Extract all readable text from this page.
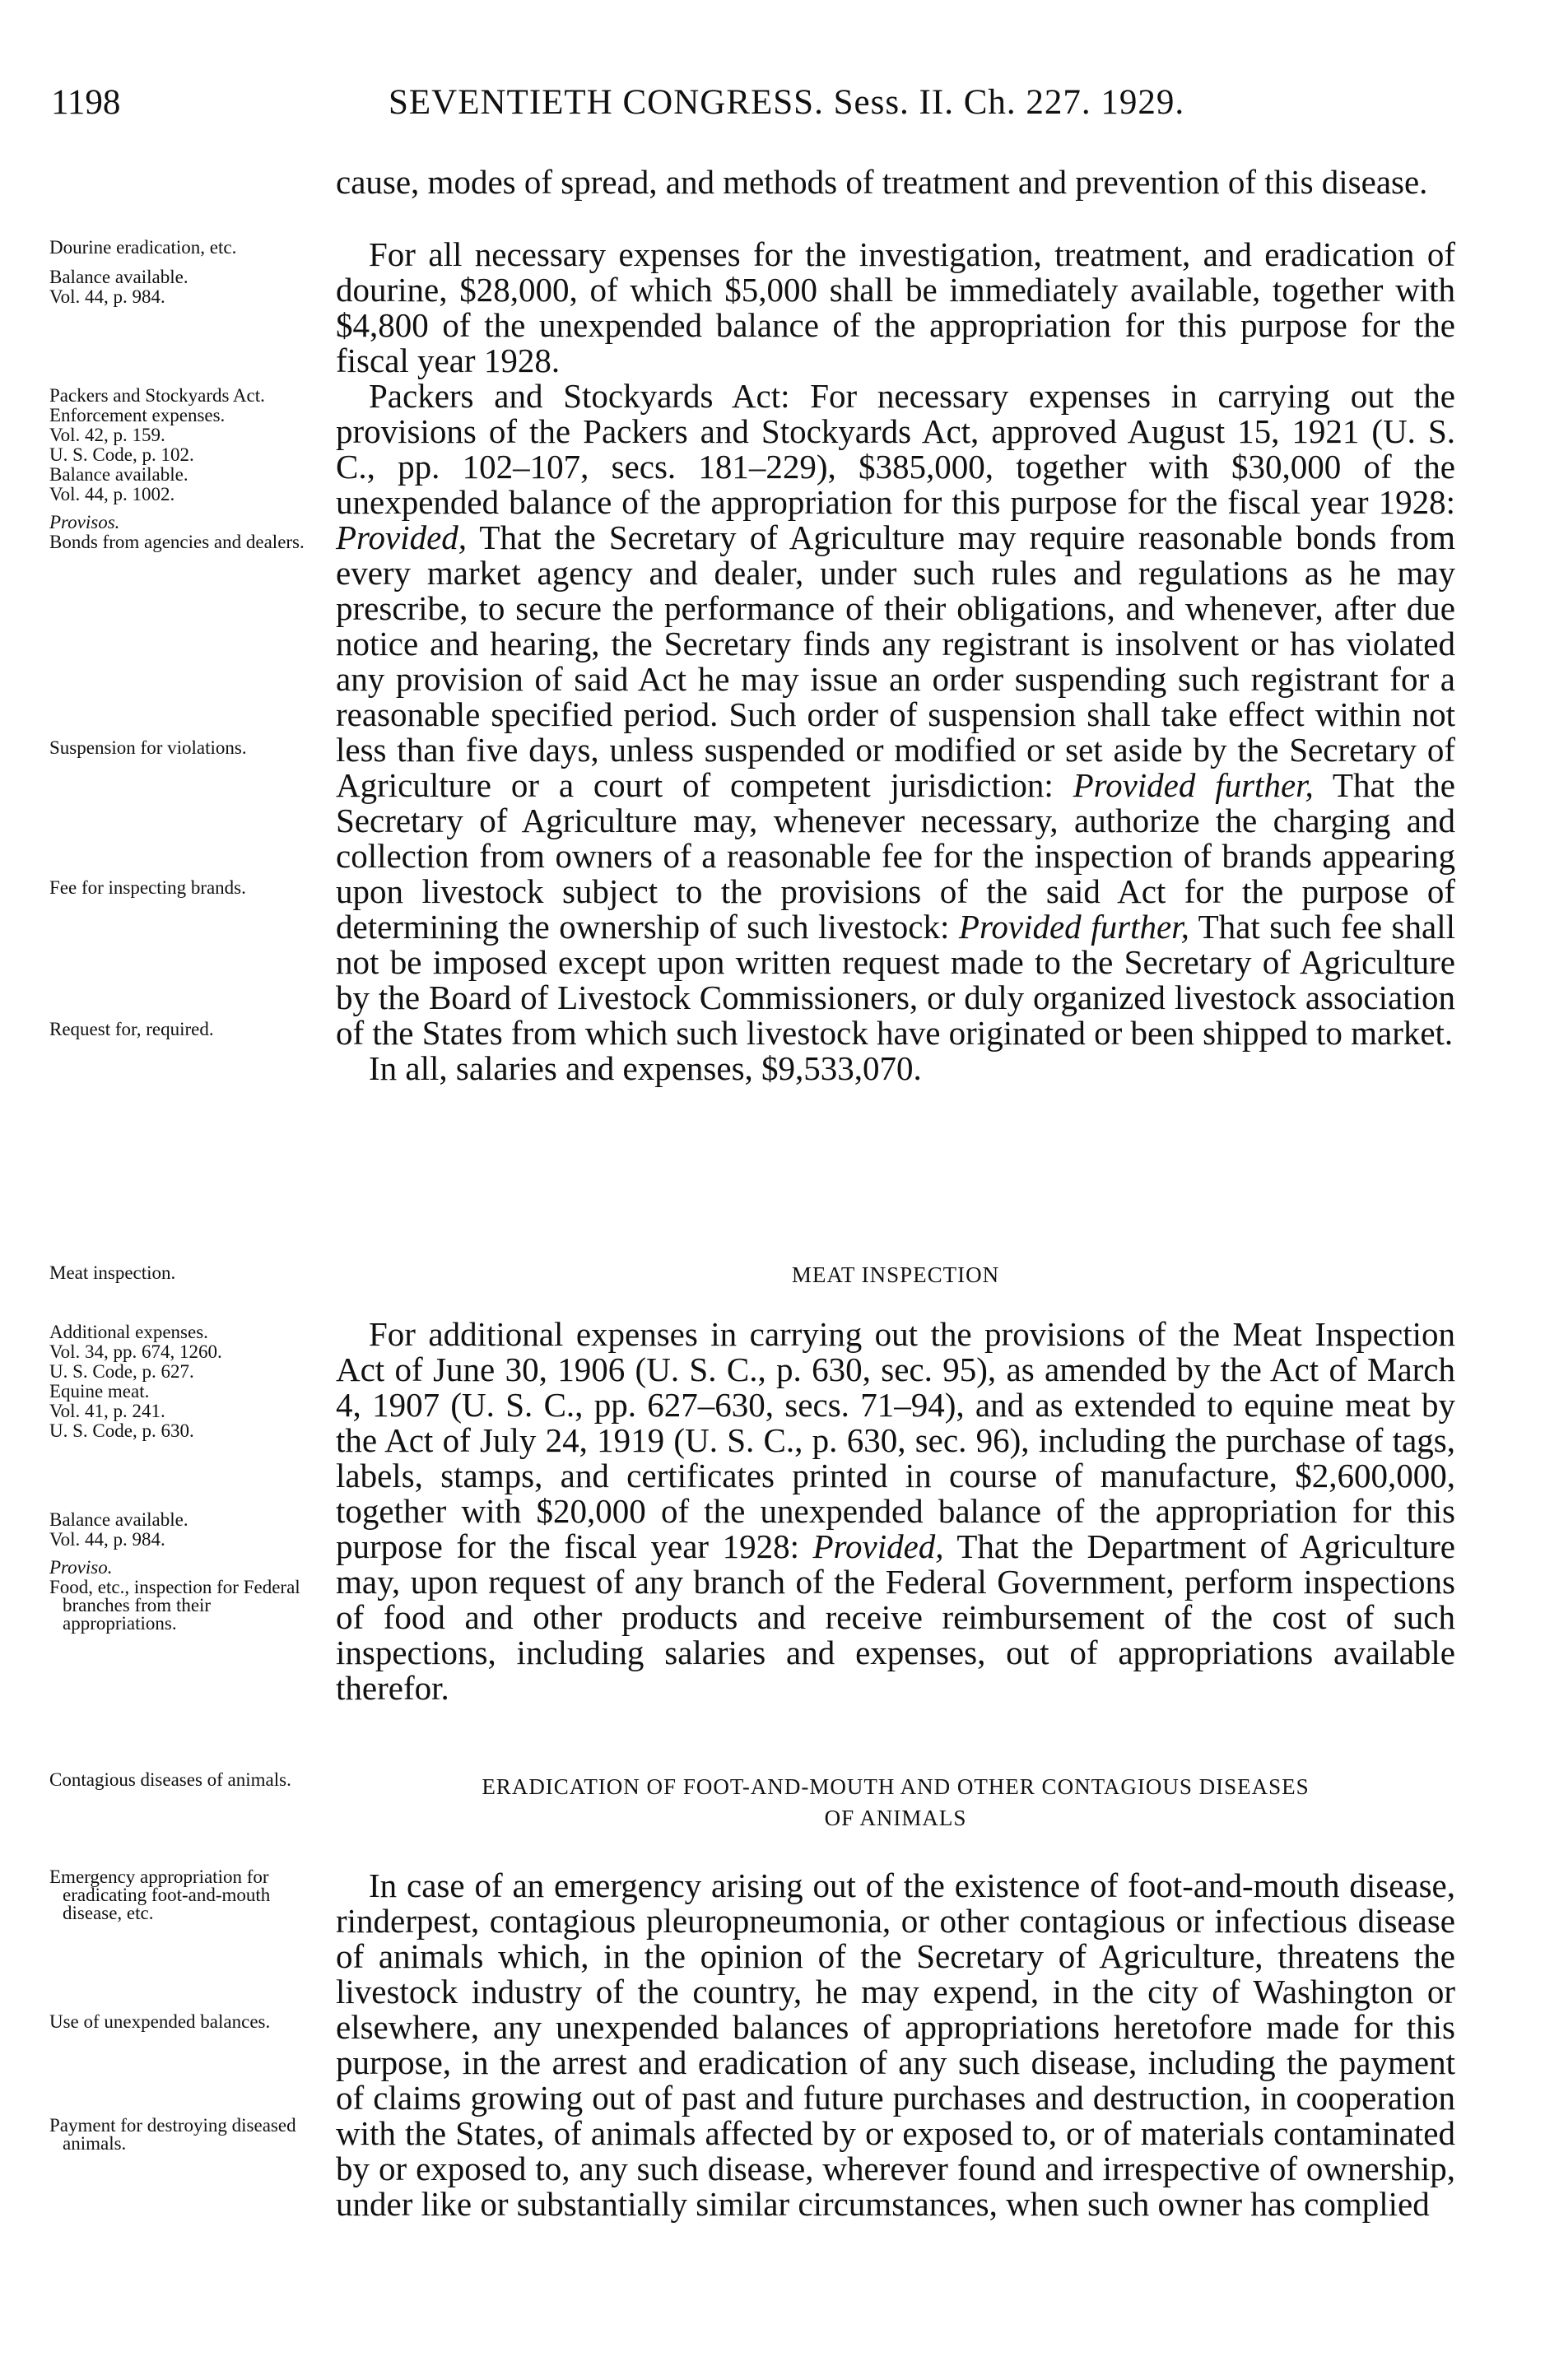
1198	SEVENTIETH CONGRESS. Sess. II. Ch. 227. 1929.

cause, modes of spread, and methods of treatment and prevention of this disease.

Dourine eradication, etc.
Balance available.
Vol. 44, p. 984.

For all necessary expenses for the investigation, treatment, and eradication of dourine, $28,000, of which $5,000 shall be immediately available, together with $4,800 of the unexpended balance of the appropriation for this purpose for the fiscal year 1928.

Packers and Stockyards Act.
Enforcement expenses.
Vol. 42, p. 159.
U. S. Code, p. 102.
Balance available.
Vol. 44, p. 1002.
Provisos.
Bonds from agencies and dealers.
Suspension for violations.
Fee for inspecting brands.
Request for, required.

Packers and Stockyards Act: For necessary expenses in carrying out the provisions of the Packers and Stockyards Act, approved August 15, 1921 (U. S. C., pp. 102–107, secs. 181–229), $385,000, together with $30,000 of the unexpended balance of the appropriation for this purpose for the fiscal year 1928: Provided, That the Secretary of Agriculture may require reasonable bonds from every market agency and dealer, under such rules and regulations as he may prescribe, to secure the performance of their obligations, and whenever, after due notice and hearing, the Secretary finds any registrant is insolvent or has violated any provision of said Act he may issue an order suspending such registrant for a reasonable specified period. Such order of suspension shall take effect within not less than five days, unless suspended or modified or set aside by the Secretary of Agriculture or a court of competent jurisdiction: Provided further, That the Secretary of Agriculture may, whenever necessary, authorize the charging and collection from owners of a reasonable fee for the inspection of brands appearing upon livestock subject to the provisions of the said Act for the purpose of determining the ownership of such livestock: Provided further, That such fee shall not be imposed except upon written request made to the Secretary of Agriculture by the Board of Livestock Commissioners, or duly organized livestock association of the States from which such livestock have originated or been shipped to market.

In all, salaries and expenses, $9,533,070.

Meat inspection.	MEAT INSPECTION
Additional expenses.
Vol. 34, pp. 674, 1260.
U. S. Code, p. 627.
Equine meat.
Vol. 41, p. 241.
U. S. Code, p. 630.
Balance available.
Vol. 44, p. 984.
Proviso.
Food, etc., inspection for Federal branches from their appropriations.

For additional expenses in carrying out the provisions of the Meat Inspection Act of June 30, 1906 (U. S. C., p. 630, sec. 95), as amended by the Act of March 4, 1907 (U. S. C., pp. 627–630, secs. 71–94), and as extended to equine meat by the Act of July 24, 1919 (U. S. C., p. 630, sec. 96), including the purchase of tags, labels, stamps, and certificates printed in course of manufacture, $2,600,000, together with $20,000 of the unexpended balance of the appropriation for this purpose for the fiscal year 1928: Provided, That the Department of Agriculture may, upon request of any branch of the Federal Government, perform inspections of food and other products and receive reimbursement of the cost of such inspections, including salaries and expenses, out of appropriations available therefor.

Contagious diseases of animals.	ERADICATION OF FOOT-AND-MOUTH AND OTHER CONTAGIOUS DISEASES
OF ANIMALS
Emergency appropriation for eradicating foot-and-mouth disease, etc.
Use of unexpended balances.
Payment for destroying diseased animals.

In case of an emergency arising out of the existence of foot-and-mouth disease, rinderpest, contagious pleuropneumonia, or other contagious or infectious disease of animals which, in the opinion of the Secretary of Agriculture, threatens the livestock industry of the country, he may expend, in the city of Washington or elsewhere, any unexpended balances of appropriations heretofore made for this purpose, in the arrest and eradication of any such disease, including the payment of claims growing out of past and future purchases and destruction, in cooperation with the States, of animals affected by or exposed to, or of materials contaminated by or exposed to, any such disease, wherever found and irrespective of ownership, under like or substantially similar circumstances, when such owner has complied
